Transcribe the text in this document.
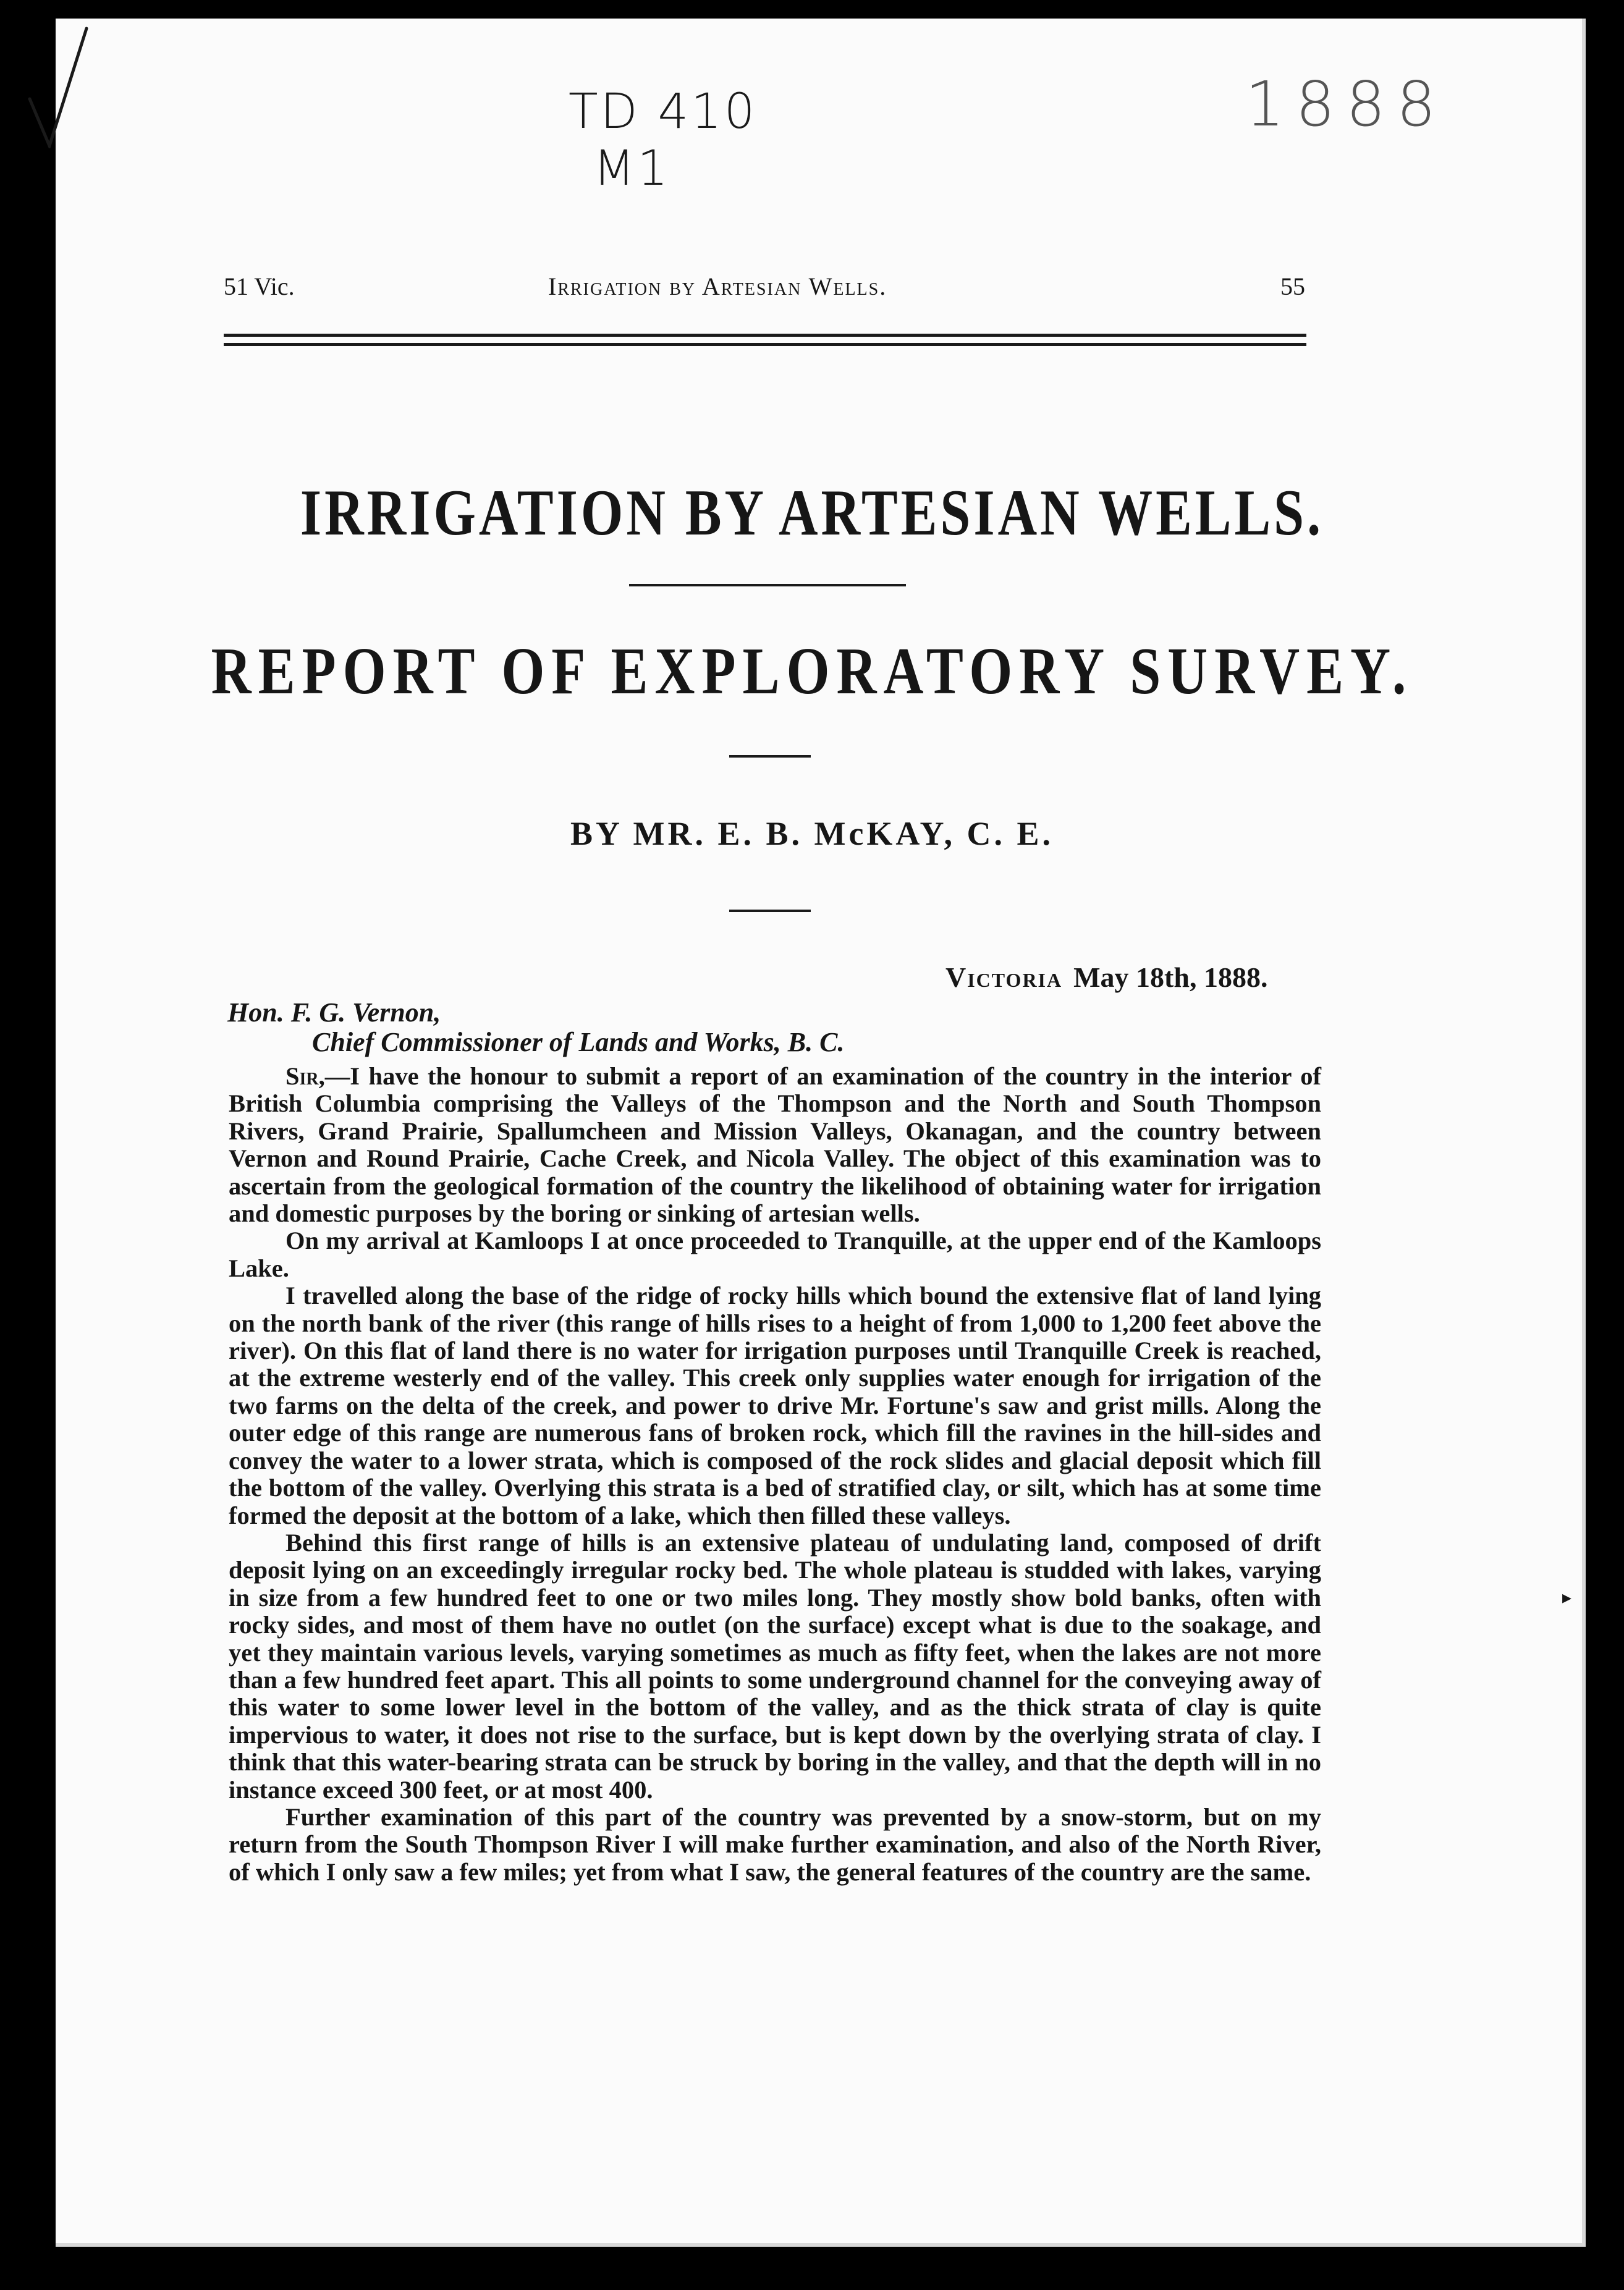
TD 410
M1
1888
51 Vic.	Irrigation by Artesian Wells.	55
IRRIGATION BY ARTESIAN WELLS.
REPORT OF EXPLORATORY SURVEY.
BY MR. E. B. McKAY, C. E.
Victoria May 18th, 1888.
Hon. F. G. Vernon,
Chief Commissioner of Lands and Works, B. C.

Sir,—I have the honour to submit a report of an examination of the country in the interior of British Columbia comprising the Valleys of the Thompson and the North and South Thompson Rivers, Grand Prairie, Spallumcheen and Mission Valleys, Okanagan, and the country between Vernon and Round Prairie, Cache Creek, and Nicola Valley. The object of this examination was to ascertain from the geological formation of the country the likelihood of obtaining water for irrigation and domestic purposes by the boring or sinking of artesian wells.

On my arrival at Kamloops I at once proceeded to Tranquille, at the upper end of the Kamloops Lake.

I travelled along the base of the ridge of rocky hills which bound the extensive flat of land lying on the north bank of the river (this range of hills rises to a height of from 1,000 to 1,200 feet above the river). On this flat of land there is no water for irrigation purposes until Tranquille Creek is reached, at the extreme westerly end of the valley. This creek only supplies water enough for irrigation of the two farms on the delta of the creek, and power to drive Mr. Fortune's saw and grist mills. Along the outer edge of this range are numerous fans of broken rock, which fill the ravines in the hill-sides and convey the water to a lower strata, which is composed of the rock slides and glacial deposit which fill the bottom of the valley. Overlying this strata is a bed of stratified clay, or silt, which has at some time formed the deposit at the bottom of a lake, which then filled these valleys.

Behind this first range of hills is an extensive plateau of undulating land, composed of drift deposit lying on an exceedingly irregular rocky bed. The whole plateau is studded with lakes, varying in size from a few hundred feet to one or two miles long. They mostly show bold banks, often with rocky sides, and most of them have no outlet (on the surface) except what is due to the soakage, and yet they maintain various levels, varying sometimes as much as fifty feet, when the lakes are not more than a few hundred feet apart. This all points to some underground channel for the conveying away of this water to some lower level in the bottom of the valley, and as the thick strata of clay is quite impervious to water, it does not rise to the surface, but is kept down by the overlying strata of clay. I think that this water-bearing strata can be struck by boring in the valley, and that the depth will in no instance exceed 300 feet, or at most 400.

Further examination of this part of the country was prevented by a snow-storm, but on my return from the South Thompson River I will make further examination, and also of the North River, of which I only saw a few miles; yet from what I saw, the general features of the country are the same.

▸
